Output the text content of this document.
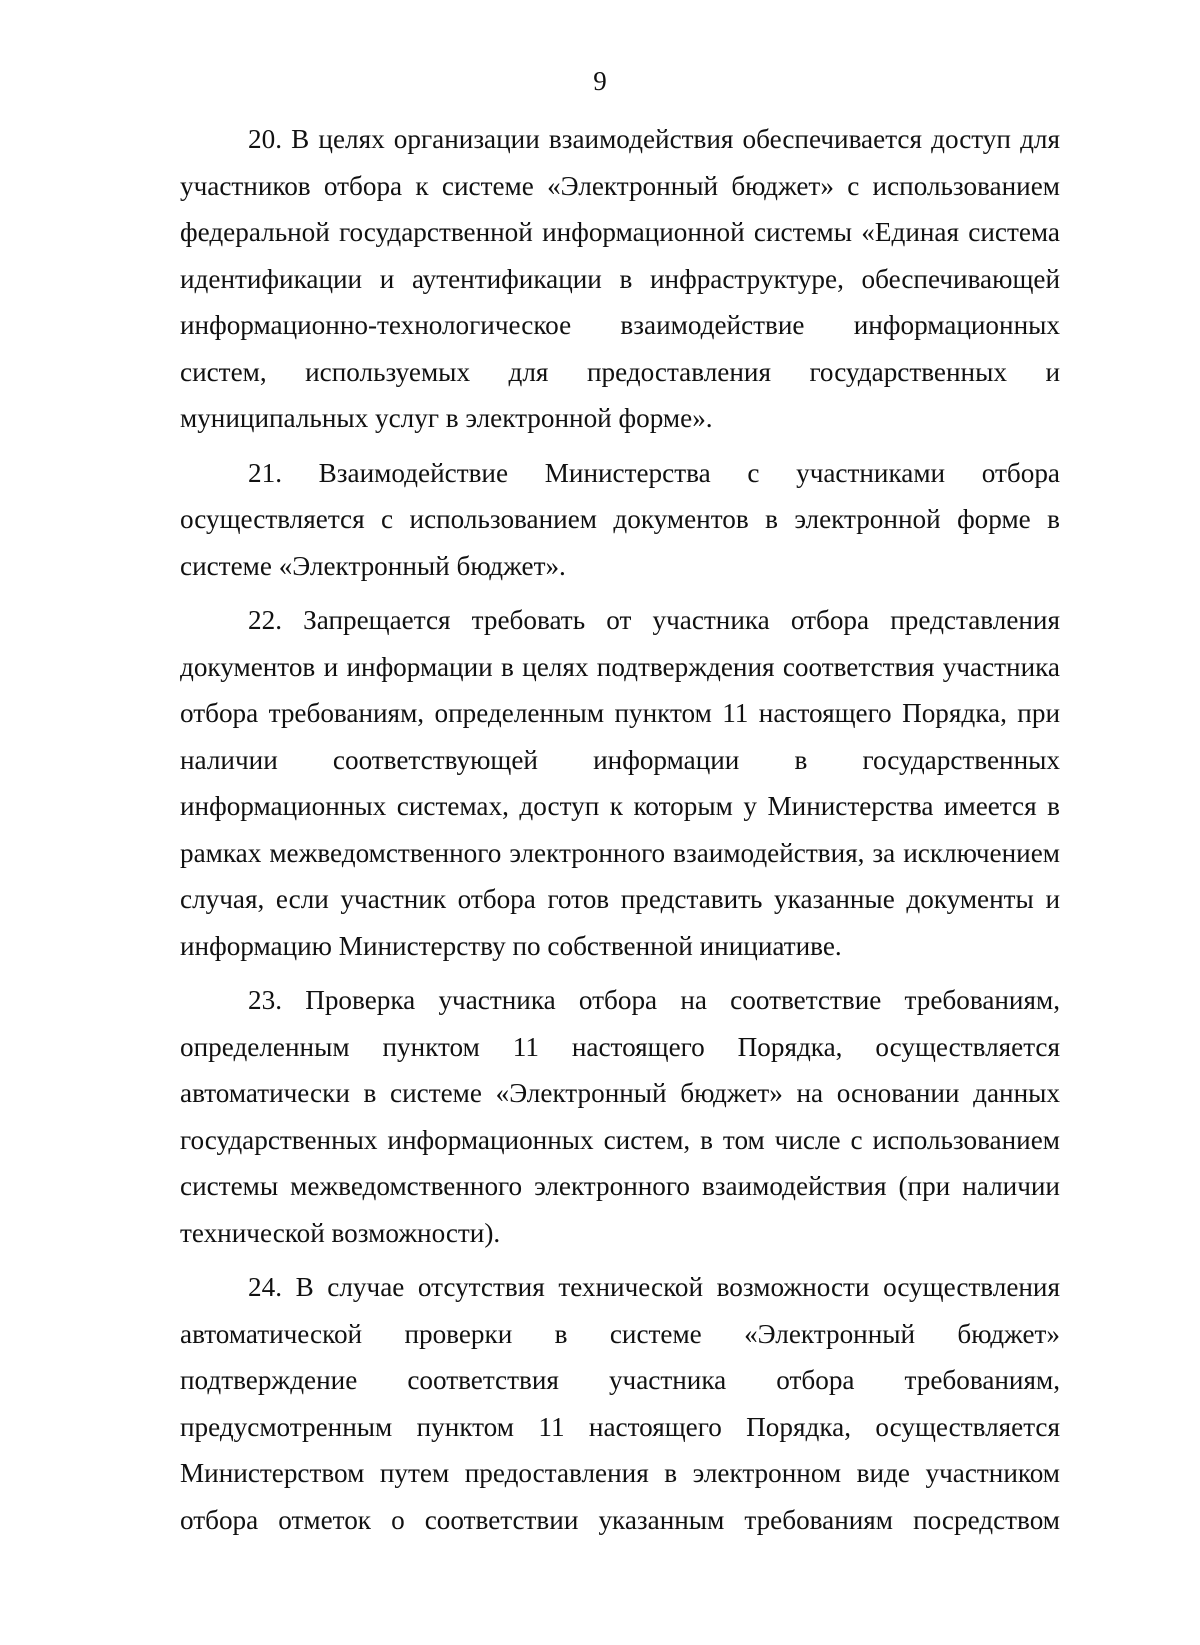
9

20. В целях организации взаимодействия обеспечивается доступ для участников отбора к системе «Электронный бюджет» с использованием федеральной государственной информационной системы «Единая система идентификации и аутентификации в инфраструктуре, обеспечивающей информационно-технологическое взаимодействие информационных систем, используемых для предоставления государственных и муниципальных услуг в электронной форме».

21. Взаимодействие Министерства с участниками отбора осуществляется с использованием документов в электронной форме в системе «Электронный бюджет».

22. Запрещается требовать от участника отбора представления документов и информации в целях подтверждения соответствия участника отбора требованиям, определенным пунктом 11 настоящего Порядка, при наличии соответствующей информации в государственных информационных системах, доступ к которым у Министерства имеется в рамках межведомственного электронного взаимодействия, за исключением случая, если участник отбора готов представить указанные документы и информацию Министерству по собственной инициативе.

23. Проверка участника отбора на соответствие требованиям, определенным пунктом 11 настоящего Порядка, осуществляется автоматически в системе «Электронный бюджет» на основании данных государственных информационных систем, в том числе с использованием системы межведомственного электронного взаимодействия (при наличии технической возможности).

24. В случае отсутствия технической возможности осуществления автоматической проверки в системе «Электронный бюджет» подтверждение соответствия участника отбора требованиям, предусмотренным пунктом 11 настоящего Порядка, осуществляется Министерством путем предоставления в электронном виде участником отбора отметок о соответствии указанным требованиям посредством
